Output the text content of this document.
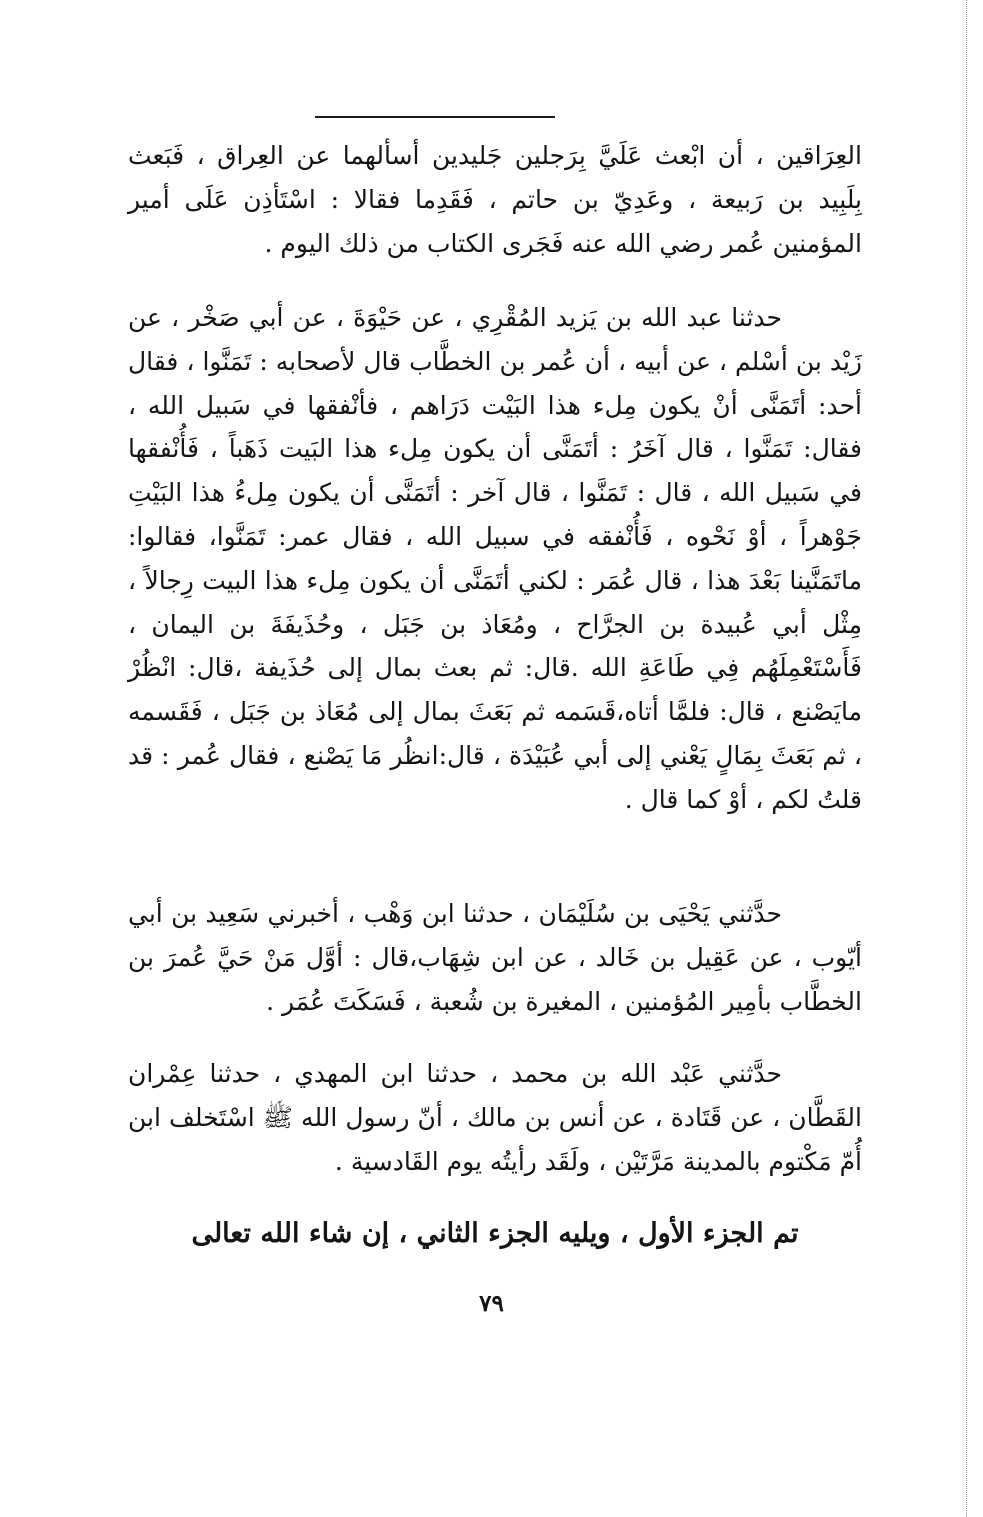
العِرَاقين ، أن ابْعث عَلَيَّ بِرَجلين جَليدين أسألهما عن العِراق ، فَبَعث بِلَبِيد بن رَبيعة ، وعَدِيّ بن حاتم ، فَقَدِما فقالا : اسْتَأذِن عَلَى أمير المؤمنين عُمر رضي الله عنه فَجَرى الكتاب من ذلك اليوم .

حدثنا عبد الله بن يَزيد المُقْرِي ، عن حَيْوَةَ ، عن أبي صَخْر ، عن زَيْد بن أسْلم ، عن أبيه ، أن عُمر بن الخطَّاب قال لأصحابه : تَمَنَّوا ، فقال أحد: أتَمَنَّى أنْ يكون مِلء هذا البَيْت دَرَاهم ، فأنْفقها في سَبيل الله ، فقال: تَمَنَّوا ، قال آخَرُ : أتَمَنَّى أن يكون مِلء هذا البَيت ذَهَباً ، فَأُنْفقها في سَبيل الله ، قال : تَمَنَّوا ، قال آخر : أتَمَنَّى أن يكون مِلءُ هذا البَيْتِ جَوْهراً ، أوْ نَحْوه ، فَأُنْفقه في سبيل الله ، فقال عمر: تَمَنَّوا، فقالوا: ماتَمَنَّينا بَعْدَ هذا ، قال عُمَر : لكني أتَمَنَّى أن يكون مِلء هذا البيت رِجالاً ، مِثْل أبي عُبيدة بن الجرَّاح ، ومُعَاذ بن جَبَل ، وحُذَيفَةَ بن اليمان ، فَأَسْتَعْمِلَهُم فِي طَاعَةِ الله .قال: ثم بعث بمال إلى حُذَيفة ،قال: انْظُرْ مايَصْنع ، قال: فلمَّا أتاه،قَسَمه ثم بَعَثَ بمال إلى مُعَاذ بن جَبَل ، فَقَسمه ، ثم بَعَثَ بِمَالٍ يَعْني إلى أبي عُبَيْدَة ، قال:انظُر مَا يَصْنع ، فقال عُمر : قد قلتُ لكم ، أوْ كما قال .

حدَّثني يَحْيَى بن سُلَيْمَان ، حدثنا ابن وَهْب ، أخبرني سَعِيد بن أبي أيّوب ، عن عَقِيل بن خَالد ، عن ابن شِهَاب،قال : أوَّل مَنْ حَيَّ عُمرَ بن الخطَّاب بأمِير المُؤمنين ، المغيرة بن شُعبة ، فَسَكَتَ عُمَر .

حدَّثني عَبْد الله بن محمد ، حدثنا ابن المهدي ، حدثنا عِمْران القَطَّان ، عن قَتَادة ، عن أنس بن مالك ، أنّ رسول الله ﷺ اسْتَخلف ابن أُمّ مَكْتوم بالمدينة مَرَّتَيْن ، ولَقَد رأيتُه يوم القَادسية .

تم الجزء الأول ، ويليه الجزء الثاني ، إن شاء الله تعالى

٧٩
